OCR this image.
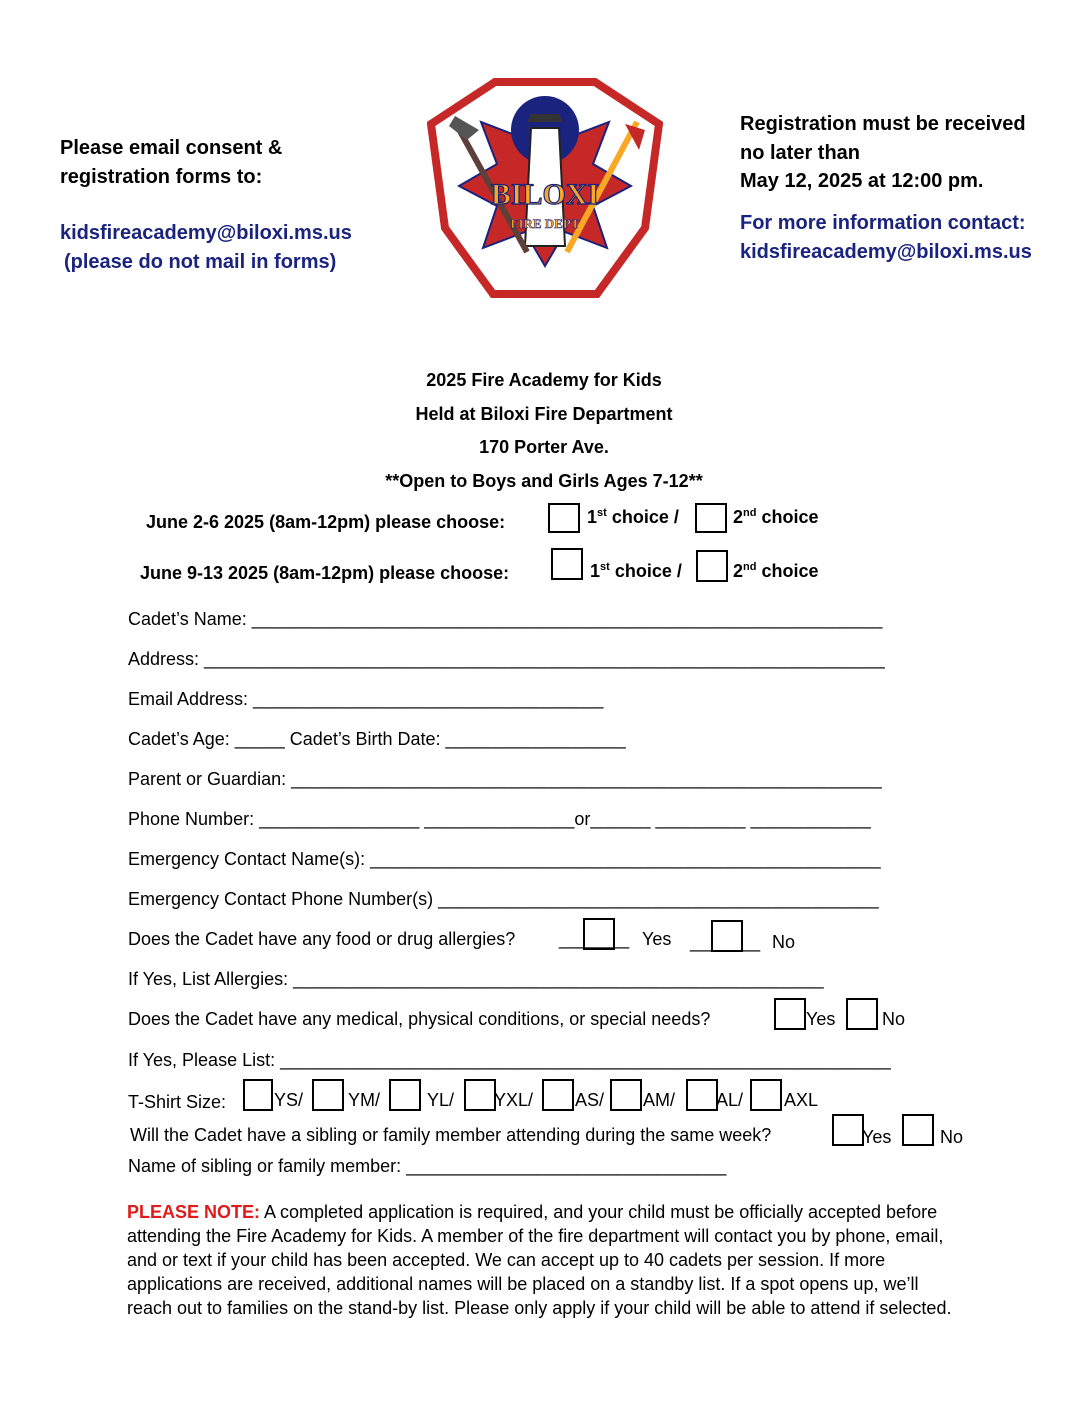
Please email consent &
registration forms to:
kidsfireacademy@biloxi.ms.us
(please do not mail in forms)
BILOXI
FIRE DEPT
Registration must be received
no later than
May 12, 2025 at 12:00 pm.
For more information contact:
kidsfireacademy@biloxi.ms.us
2025 Fire Academy for Kids
Held at Biloxi Fire Department
170 Porter Ave.
**Open to Boys and Girls Ages 7-12**
June 2-6 2025 (8am-12pm) please choose:	1st choice /	2nd choice
June 9-13 2025 (8am-12pm) please choose:	1st choice /	2nd choice
Cadet’s Name: _______________________________________________________________
Address: ____________________________________________________________________
Email Address: ___________________________________
Cadet’s Age: _____ Cadet’s Birth Date: __________________
Parent or Guardian: ___________________________________________________________
Phone Number: ________________ _______________or______ _________ ____________
Emergency Contact Name(s): ___________________________________________________
Emergency Contact Phone Number(s) ____________________________________________
Does the Cadet have any food or drug allergies? _______ Yes _______ No
If Yes, List Allergies: _____________________________________________________
Does the Cadet have any medical, physical conditions, or special needs?	Yes	No
If Yes, Please List: _____________________________________________________________
T-Shirt Size:	YS/ YM/	YL/ YXL/ AS/ AM/ AL/ AXL
Will the Cadet have a sibling or family member attending during the same week?	Yes	No
Name of sibling or family member: ________________________________
PLEASE NOTE: A completed application is required, and your child must be officially accepted before attending the Fire Academy for Kids. A member of the fire department will contact you by phone, email, and or text if your child has been accepted. We can accept up to 40 cadets per session. If more applications are received, additional names will be placed on a standby list. If a spot opens up, we’ll reach out to families on the stand-by list. Please only apply if your child will be able to attend if selected.
